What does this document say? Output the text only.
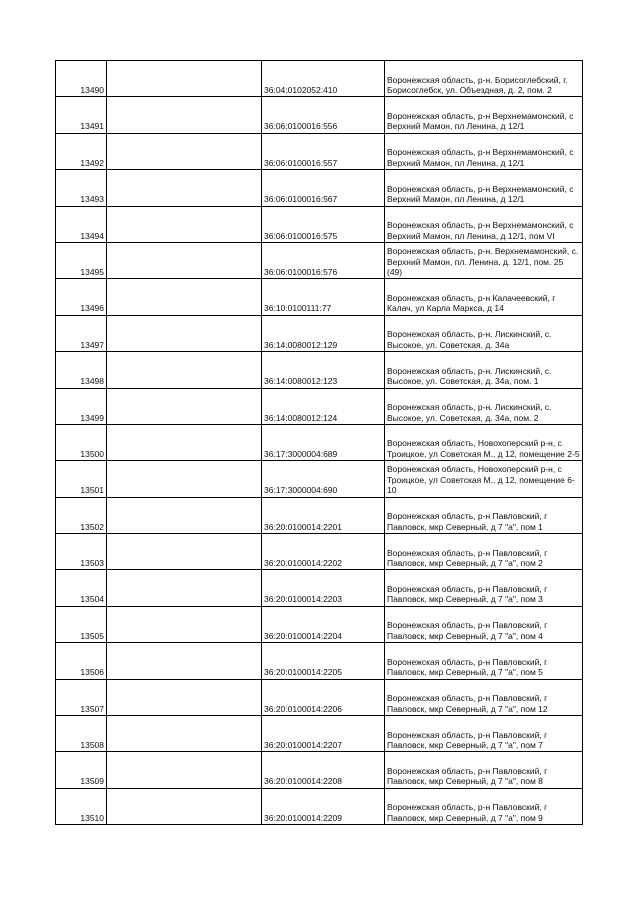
13490		36:04:0102052:410	Воронежская область, р-н. Борисоглебский, г. Борисоглебск, ул. Объездная, д. 2, пом. 2
13491		36:06:0100016:556	Воронежская область, р-н Верхнемамонский, с Верхний Мамон, пл Ленина, д 12/1
13492		36:06:0100016:557	Воронежская область, р-н Верхнемамонский, с Верхний Мамон, пл Ленина, д 12/1
13493		36:06:0100016:567	Воронежская область, р-н Верхнемамонский, с Верхний Мамон, пл Ленина, д 12/1
13494		36:06:0100016:575	Воронежская область, р-н Верхнемамонский, с Верхний Мамон, пл Ленина, д 12/1, пом VI
13495		36:06:0100016:576	Воронежская область, р-н. Верхнемамонский, с. Верхний Мамон, пл. Ленина, д. 12/1, пом. 25 (49)
13496		36:10:0100111:77	Воронежская область, р-н Калачеевский, г Калач, ул Карла Маркса, д 14
13497		36:14:0080012:129	Воронежская область, р-н. Лискинский, с. Высокое, ул. Советская, д. 34а
13498		36:14:0080012:123	Воронежская область, р-н. Лискинский, с. Высокое, ул. Советская, д. 34а, пом. 1
13499		36:14:0080012:124	Воронежская область, р-н. Лискинский, с. Высокое, ул. Советская, д. 34а, пом. 2
13500		36:17:3000004:689	Воронежская область, Новохоперский р-н, с Троицкое, ул Советская М., д 12, помещение 2-5
13501		36:17:3000004:690	Воронежская область, Новохоперский р-н, с Троицкое, ул Советская М., д 12, помещение 6-10
13502		36:20:0100014:2201	Воронежская область, р-н Павловский, г Павловск, мкр Северный, д 7 "а", пом 1
13503		36:20:0100014:2202	Воронежская область, р-н Павловский, г Павловск, мкр Северный, д 7 "а", пом 2
13504		36:20:0100014:2203	Воронежская область, р-н Павловский, г Павловск, мкр Северный, д 7 "а", пом 3
13505		36:20:0100014:2204	Воронежская область, р-н Павловский, г Павловск, мкр Северный, д 7 "а", пом 4
13506		36:20:0100014:2205	Воронежская область, р-н Павловский, г Павловск, мкр Северный, д 7 "а", пом 5
13507		36:20:0100014:2206	Воронежская область, р-н Павловский, г Павловск, мкр Северный, д 7 "а", пом 12
13508		36:20:0100014:2207	Воронежская область, р-н Павловский, г Павловск, мкр Северный, д 7 "а", пом 7
13509		36:20:0100014:2208	Воронежская область, р-н Павловский, г Павловск, мкр Северный, д 7 "а", пом 8
13510		36:20:0100014:2209	Воронежская область, р-н Павловский, г Павловск, мкр Северный, д 7 "а", пом 9
